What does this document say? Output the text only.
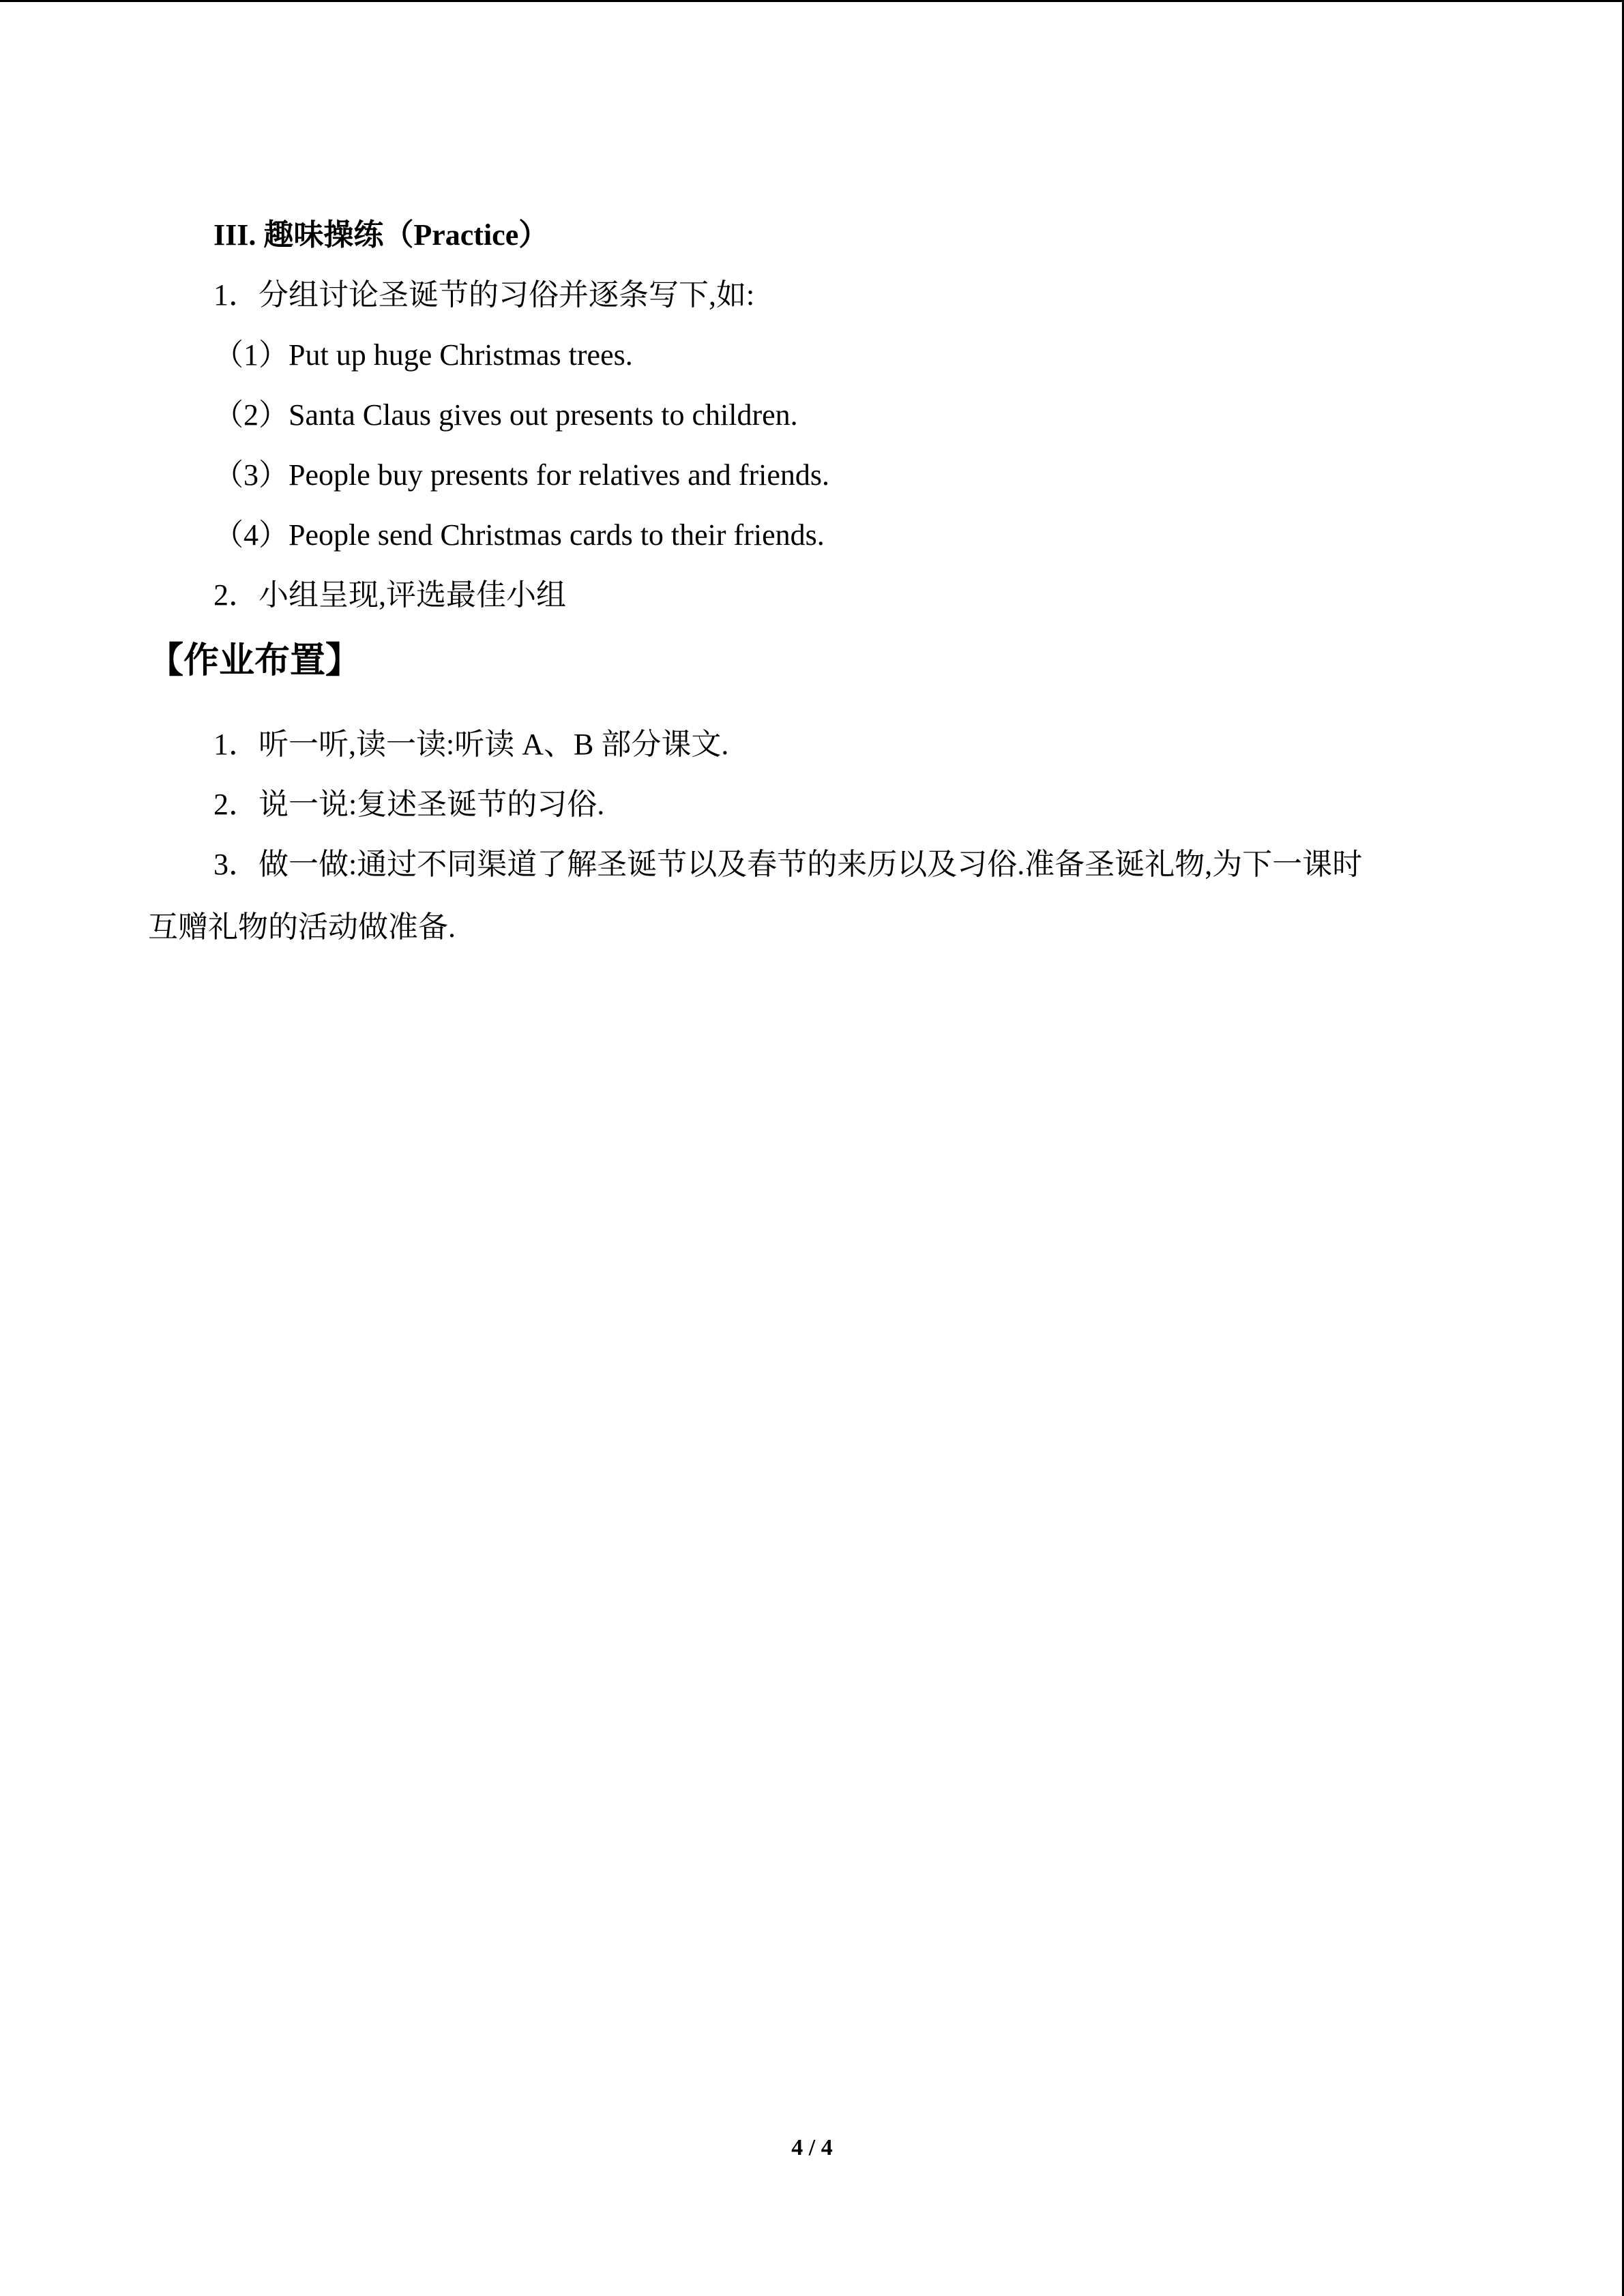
III. 趣味操练（Practice）
1．分组讨论圣诞节的习俗并逐条写下,如:
（1）Put up huge Christmas trees.
（2）Santa Claus gives out presents to children.
（3）People buy presents for relatives and friends.
（4）People send Christmas cards to their friends.
2．小组呈现,评选最佳小组
【作业布置】
1．听一听,读一读:听读 A、B 部分课文.
2．说一说:复述圣诞节的习俗.
3．做一做:通过不同渠道了解圣诞节以及春节的来历以及习俗.准备圣诞礼物,为下一课时
互赠礼物的活动做准备.
4 / 4
